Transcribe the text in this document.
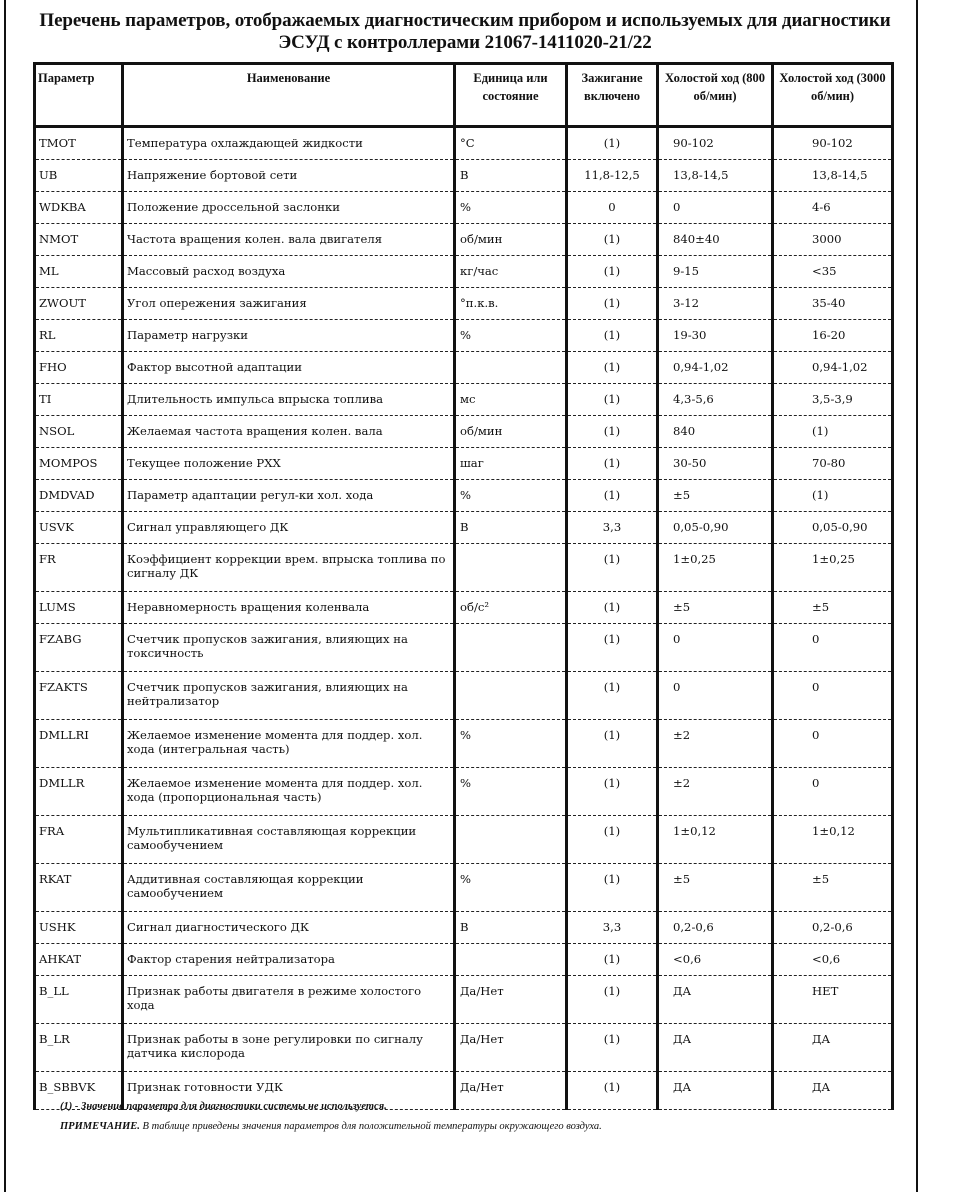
Перечень параметров, отображаемых диагностическим прибором и используемых для диагностики ЭСУД с контроллерами 21067-1411020-21/22
Параметр	Наименование	Единица или состояние	Зажигание включено	Холостой ход (800 об/мин)	Холостой ход (3000 об/мин)
TMOT	Температура охлаждающей жидкости	°C	(1)	90-102	90-102
UB	Напряжение бортовой сети	В	11,8-12,5	13,8-14,5	13,8-14,5
WDKBA	Положение дроссельной заслонки	%	0	0	4-6
NMOT	Частота вращения колен. вала двигателя	об/мин	(1)	840±40	3000
ML	Массовый расход воздуха	кг/час	(1)	9-15	<35
ZWOUT	Угол опережения зажигания	°п.к.в.	(1)	3-12	35-40
RL	Параметр нагрузки	%	(1)	19-30	16-20
FHO	Фактор высотной адаптации		(1)	0,94-1,02	0,94-1,02
TI	Длительность импульса впрыска топлива	мс	(1)	4,3-5,6	3,5-3,9
NSOL	Желаемая частота вращения колен. вала	об/мин	(1)	840	(1)
MOMPOS	Текущее положение РХХ	шаг	(1)	30-50	70-80
DMDVAD	Параметр адаптации регул-ки хол. хода	%	(1)	±5	(1)
USVK	Сигнал управляющего ДК	В	3,3	0,05-0,90	0,05-0,90
FR	Коэффициент коррекции врем. впрыска топлива по сигналу ДК		(1)	1±0,25	1±0,25
LUMS	Неравномерность вращения коленвала	об/с²	(1)	±5	±5
FZABG	Счетчик пропусков зажигания, влияющих на токсичность		(1)	0	0
FZAKTS	Счетчик пропусков зажигания, влияющих на нейтрализатор		(1)	0	0
DMLLRI	Желаемое изменение момента для поддер. хол. хода (интегральная часть)	%	(1)	±2	0
DMLLR	Желаемое изменение момента для поддер. хол. хода (пропорциональная часть)	%	(1)	±2	0
FRA	Мультипликативная составляющая коррекции самообучением		(1)	1±0,12	1±0,12
RKAT	Аддитивная составляющая коррекции самообучением	%	(1)	±5	±5
USHK	Сигнал диагностического ДК	В	3,3	0,2-0,6	0,2-0,6
AHKAT	Фактор старения нейтрализатора		(1)	<0,6	<0,6
B_LL	Признак работы двигателя в режиме холостого хода	Да/Нет	(1)	ДА	НЕТ
B_LR	Признак работы в зоне регулировки по сигналу датчика кислорода	Да/Нет	(1)	ДА	ДА
B_SBBVK	Признак готовности УДК	Да/Нет	(1)	ДА	ДА

(1) - Значение параметра для диагностики системы не используется.

ПРИМЕЧАНИЕ. В таблице приведены значения параметров для положительной температуры окружающего воздуха.
